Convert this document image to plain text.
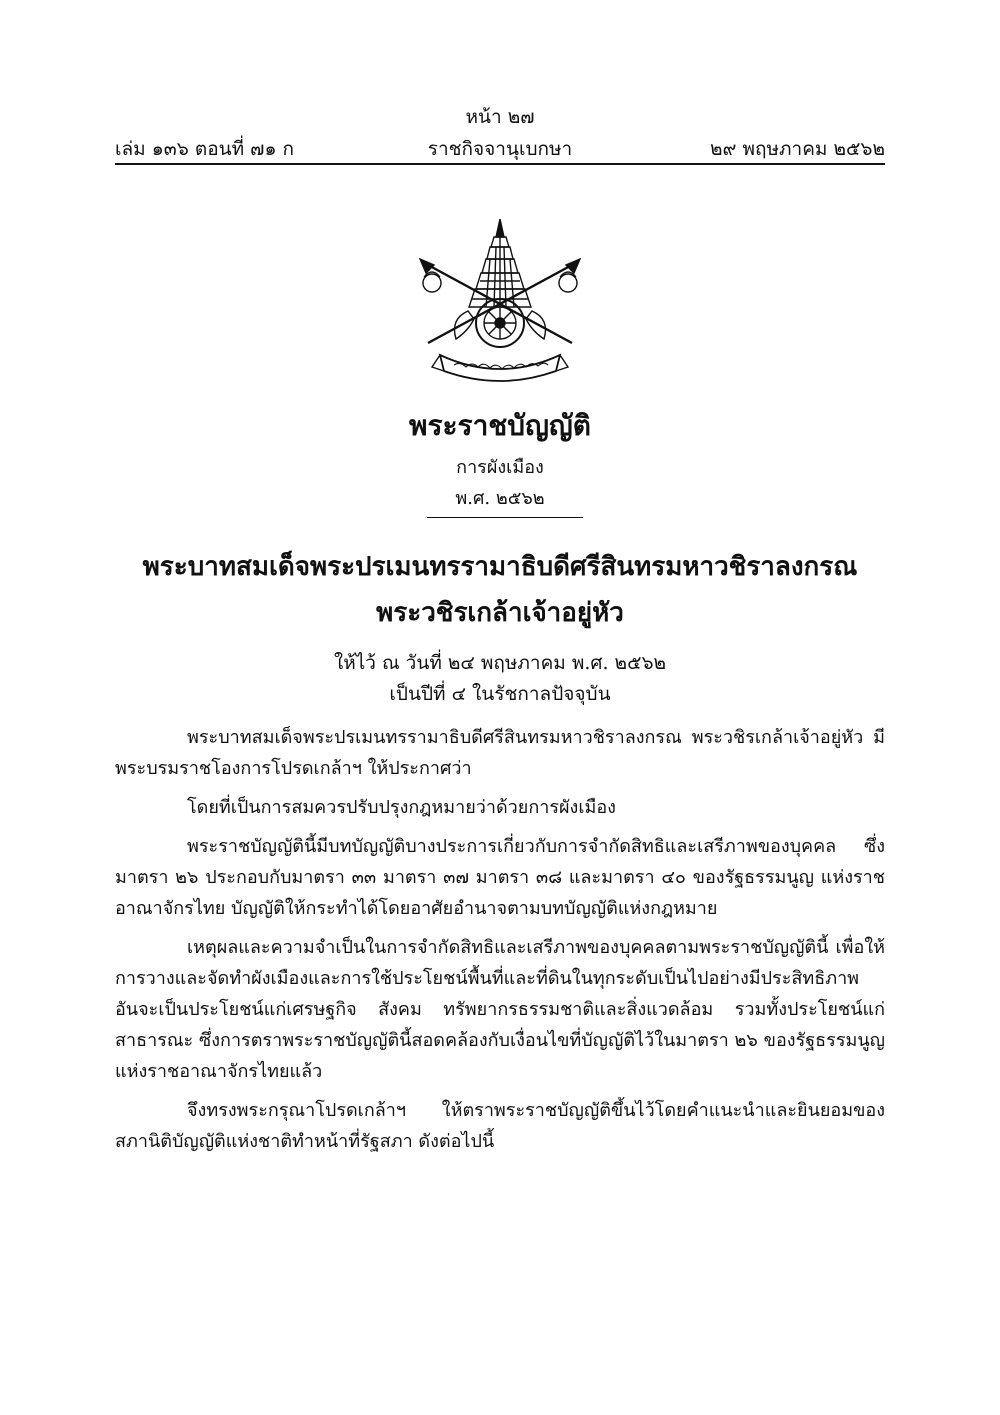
หน้า ๒๗
เล่ม ๑๓๖ ตอนที่ ๗๑ ก	ราชกิจจานุเบกษา	๒๙ พฤษภาคม ๒๕๖๒
พระราชบัญญัติ
การผังเมือง
พ.ศ. ๒๕๖๒
พระบาทสมเด็จพระปรเมนทรรามาธิบดีศรีสินทรมหาวชิราลงกรณ
พระวชิรเกล้าเจ้าอยู่หัว
ให้ไว้ ณ วันที่ ๒๔ พฤษภาคม พ.ศ. ๒๕๖๒
เป็นปีที่ ๔ ในรัชกาลปัจจุบัน

พระบาทสมเด็จพระปรเมนทรรามาธิบดีศรีสินทรมหาวชิราลงกรณ พระวชิรเกล้าเจ้าอยู่หัว มีพระบรมราชโองการโปรดเกล้าฯ ให้ประกาศว่า

โดยที่เป็นการสมควรปรับปรุงกฎหมายว่าด้วยการผังเมือง

พระราชบัญญัตินี้มีบทบัญญัติบางประการเกี่ยวกับการจำกัดสิทธิและเสรีภาพของบุคคล ซึ่งมาตรา ๒๖ ประกอบกับมาตรา ๓๓ มาตรา ๓๗ มาตรา ๓๘ และมาตรา ๔๐ ของรัฐธรรมนูญ แห่งราชอาณาจักรไทย บัญญัติให้กระทำได้โดยอาศัยอำนาจตามบทบัญญัติแห่งกฎหมาย

เหตุผลและความจำเป็นในการจำกัดสิทธิและเสรีภาพของบุคคลตามพระราชบัญญัตินี้ เพื่อให้ การวางและจัดทำผังเมืองและการใช้ประโยชน์พื้นที่และที่ดินในทุกระดับเป็นไปอย่างมีประสิทธิภาพ อันจะเป็นประโยชน์แก่เศรษฐกิจ สังคม ทรัพยากรธรรมชาติและสิ่งแวดล้อม รวมทั้งประโยชน์แก่ สาธารณะ ซึ่งการตราพระราชบัญญัตินี้สอดคล้องกับเงื่อนไขที่บัญญัติไว้ในมาตรา ๒๖ ของรัฐธรรมนูญ แห่งราชอาณาจักรไทยแล้ว

จึงทรงพระกรุณาโปรดเกล้าฯ ให้ตราพระราชบัญญัติขึ้นไว้โดยคำแนะนำและยินยอมของ สภานิติบัญญัติแห่งชาติทำหน้าที่รัฐสภา ดังต่อไปนี้
